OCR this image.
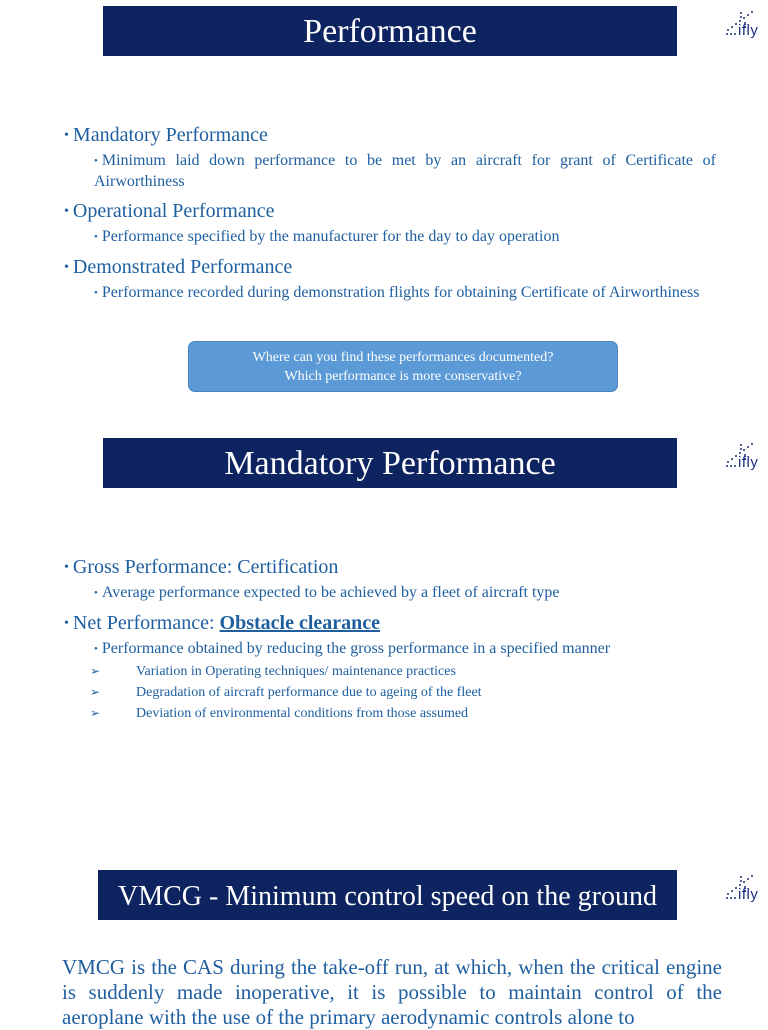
Performance	ifly
• Mandatory Performance
• Minimum laid down performance to be met by an aircraft for grant of Certificate of Airworthiness
• Operational Performance
• Performance specified by the manufacturer for the day to day operation
• Demonstrated Performance
• Performance recorded during demonstration flights for obtaining Certificate of Airworthiness
Where can you find these performances documented?
Which performance is more conservative?
Mandatory Performance	ifly
• Gross Performance: Certification
• Average performance expected to be achieved by a fleet of aircraft type
• Net Performance: Obstacle clearance
• Performance obtained by reducing the gross performance in a specified manner
➢	Variation in Operating techniques/ maintenance practices
➢	Degradation of aircraft performance due to ageing of the fleet
➢	Deviation of environmental conditions from those assumed
VMCG - Minimum control speed on the ground	ifly
VMCG is the CAS during the take-off run, at which, when the critical engine is suddenly made inoperative, it is possible to maintain control of the aeroplane with the use of the primary aerodynamic controls alone to
